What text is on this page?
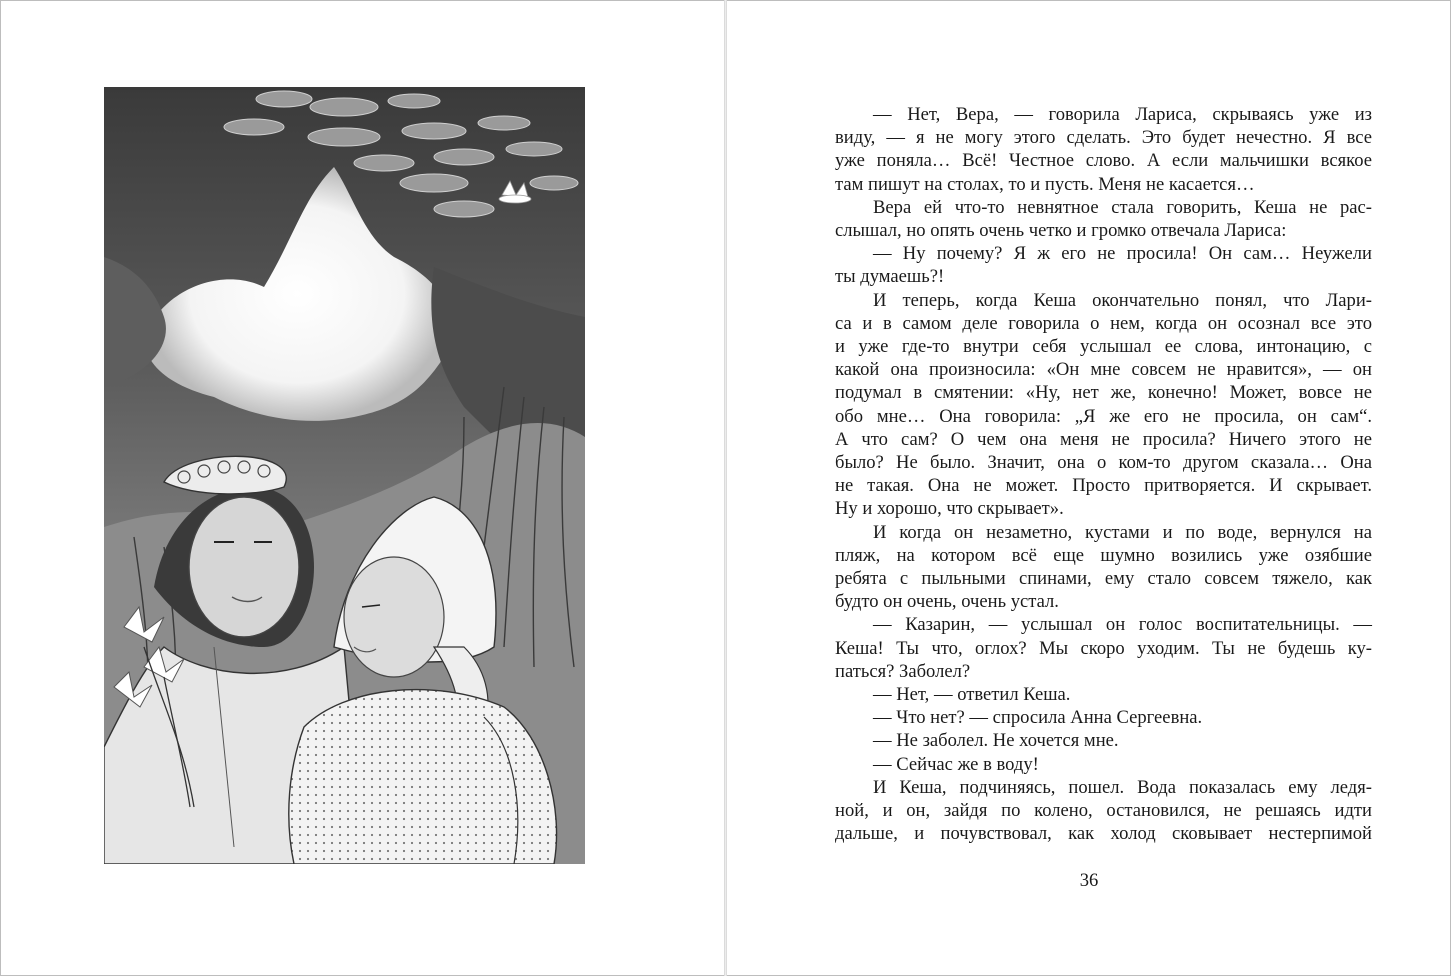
— Нет, Вера, — говорила Лариса, скрываясь уже из

виду, — я не могу этого сделать. Это будет нечестно. Я все

уже поняла… Всё! Честное слово. А если мальчишки всякое

там пишут на столах, то и пусть. Меня не касается…

Вера ей что-то невнятное стала говорить, Кеша не рас-

слышал, но опять очень четко и громко отвечала Лариса:

— Ну почему? Я ж его не просила! Он сам… Неужели

ты думаешь?!

И теперь, когда Кеша окончательно понял, что Лари-

са и в самом деле говорила о нем, когда он осознал все это

и уже где-то внутри себя услышал ее слова, интонацию, с

какой она произносила: «Он мне совсем не нравится», — он

подумал в смятении: «Ну, нет же, конечно! Может, вовсе не

обо мне… Она говорила: „Я же его не просила, он сам“.

А что сам? О чем она меня не просила? Ничего этого не

было? Не было. Значит, она о ком-то другом сказала… Она

не такая. Она не может. Просто притворяется. И скрывает.

Ну и хорошо, что скрывает».

И когда он незаметно, кустами и по воде, вернулся на

пляж, на котором всё еще шумно возились уже озябшие

ребята с пыльными спинами, ему стало совсем тяжело, как

будто он очень, очень устал.

— Казарин, — услышал он голос воспитательницы. —

Кеша! Ты что, оглох? Мы скоро уходим. Ты не будешь ку-

паться? Заболел?

— Нет, — ответил Кеша.

— Что нет? — спросила Анна Сергеевна.

— Не заболел. Не хочется мне.

— Сейчас же в воду!

И Кеша, подчиняясь, пошел. Вода показалась ему ледя-

ной, и он, зайдя по колено, остановился, не решаясь идти

дальше, и почувствовал, как холод сковывает нестерпимой

36
